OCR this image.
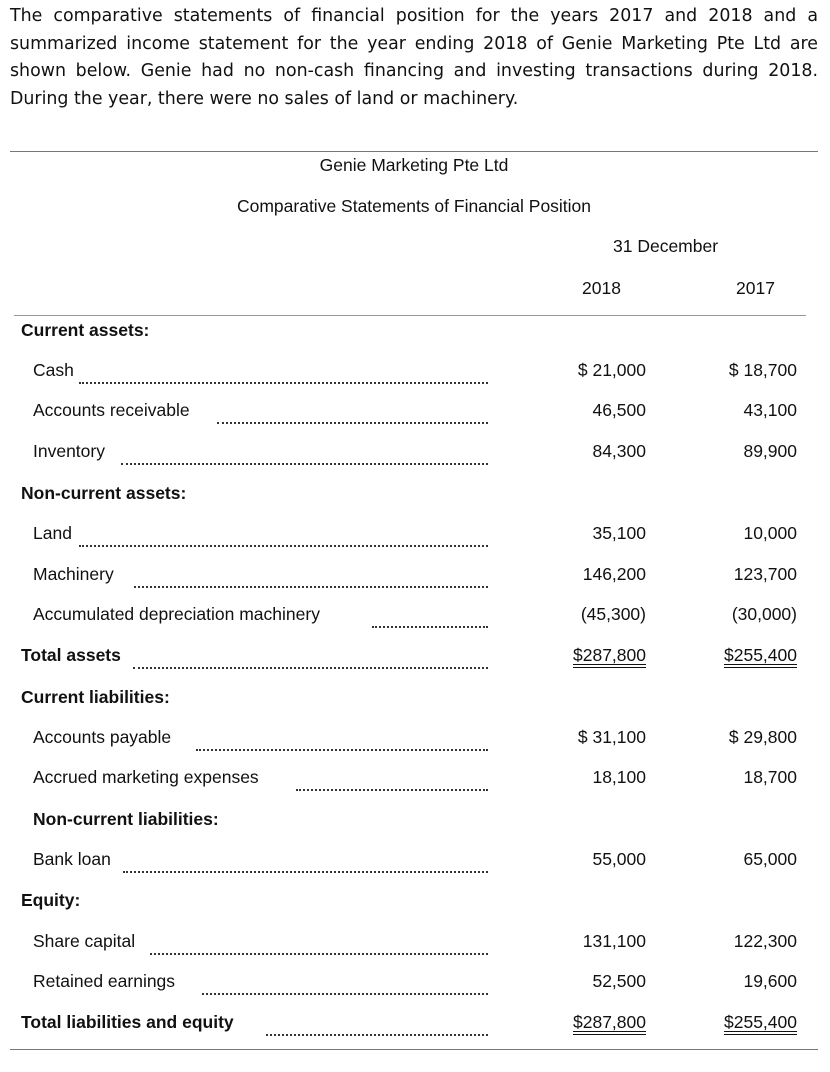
The comparative statements of financial position for the years 2017 and 2018 and a summarized income statement for the year ending 2018 of Genie Marketing Pte Ltd are shown below. Genie had no non-cash financing and investing transactions during 2018. During the year, there were no sales of land or machinery.

Genie Marketing Pte Ltd
Comparative Statements of Financial Position
31 December
2018	2017
Current assets:
Cash	$ 21,000	$ 18,700
Accounts receivable	46,500	43,100
Inventory	84,300	89,900
Non-current assets:
Land	35,100	10,000
Machinery	146,200	123,700
Accumulated depreciation machinery	(45,300)	(30,000)
Total assets	$287,800	$255,400
Current liabilities:
Accounts payable	$ 31,100	$ 29,800
Accrued marketing expenses	18,100	18,700
Non-current liabilities:
Bank loan	55,000	65,000
Equity:
Share capital	131,100	122,300
Retained earnings	52,500	19,600
Total liabilities and equity	$287,800	$255,400
